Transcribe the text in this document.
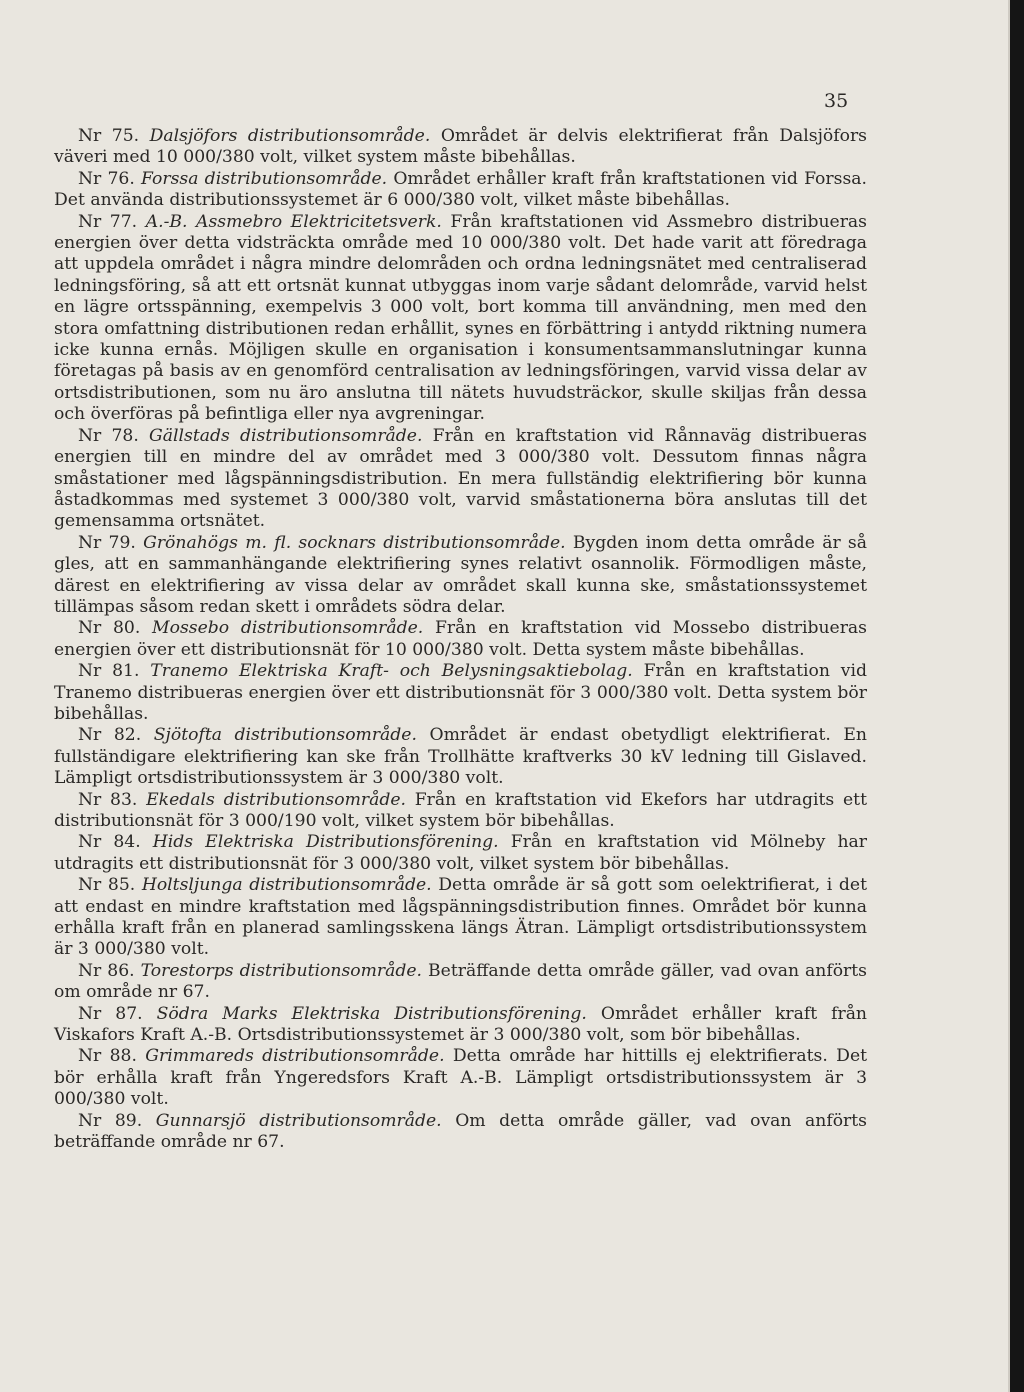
35

Nr 75. Dalsjöfors distributionsområde. Området är delvis elektrifierat från Dalsjöfors väveri med 10 000/380 volt, vilket system måste bibehållas.

Nr 76. Forssa distributionsområde. Området erhåller kraft från kraftstationen vid Forssa. Det använda distributionssystemet är 6 000/380 volt, vilket måste bibehållas.

Nr 77. A.-B. Assmebro Elektricitetsverk. Från kraftstationen vid Assmebro distribueras energien över detta vidsträckta område med 10 000/380 volt. Det hade varit att föredraga att uppdela området i några mindre delområden och ordna ledningsnätet med centraliserad ledningsföring, så att ett ortsnät kunnat utbyggas inom varje sådant delområde, varvid helst en lägre ortsspänning, exempelvis 3 000 volt, bort komma till användning, men med den stora omfattning distributionen redan erhållit, synes en förbättring i antydd riktning numera icke kunna ernås. Möjligen skulle en organisation i konsumentsammanslutningar kunna företagas på basis av en genomförd centralisation av ledningsföringen, varvid vissa delar av ortsdistributionen, som nu äro anslutna till nätets huvudsträckor, skulle skiljas från dessa och överföras på befintliga eller nya avgreningar.

Nr 78. Gällstads distributionsområde. Från en kraftstation vid Rånnaväg distribueras energien till en mindre del av området med 3 000/380 volt. Dessutom finnas några småstationer med lågspänningsdistribution. En mera fullständig elektrifiering bör kunna åstadkommas med systemet 3 000/380 volt, varvid småstationerna böra anslutas till det gemensamma ortsnätet.

Nr 79. Grönahögs m. fl. socknars distributionsområde. Bygden inom detta område är så gles, att en sammanhängande elektrifiering synes relativt osannolik. Förmodligen måste, därest en elektrifiering av vissa delar av området skall kunna ske, småstationssystemet tillämpas såsom redan skett i områdets södra delar.

Nr 80. Mossebo distributionsområde. Från en kraftstation vid Mossebo distribueras energien över ett distributionsnät för 10 000/380 volt. Detta system måste bibehållas.

Nr 81. Tranemo Elektriska Kraft- och Belysningsaktiebolag. Från en kraftstation vid Tranemo distribueras energien över ett distributionsnät för 3 000/380 volt. Detta system bör bibehållas.

Nr 82. Sjötofta distributionsområde. Området är endast obetydligt elektrifierat. En fullständigare elektrifiering kan ske från Trollhätte kraftverks 30 kV ledning till Gislaved. Lämpligt ortsdistributionssystem är 3 000/380 volt.

Nr 83. Ekedals distributionsområde. Från en kraftstation vid Ekefors har utdragits ett distributionsnät för 3 000/190 volt, vilket system bör bibehållas.

Nr 84. Hids Elektriska Distributionsförening. Från en kraftstation vid Mölneby har utdragits ett distributionsnät för 3 000/380 volt, vilket system bör bibehållas.

Nr 85. Holtsljunga distributionsområde. Detta område är så gott som oelektrifierat, i det att endast en mindre kraftstation med lågspänningsdistribution finnes. Området bör kunna erhålla kraft från en planerad samlingsskena längs Ätran. Lämpligt ortsdistributionssystem är 3 000/380 volt.

Nr 86. Torestorps distributionsområde. Beträffande detta område gäller, vad ovan anförts om område nr 67.

Nr 87. Södra Marks Elektriska Distributionsförening. Området erhåller kraft från Viskafors Kraft A.-B. Ortsdistributionssystemet är 3 000/380 volt, som bör bibehållas.

Nr 88. Grimmareds distributionsområde. Detta område har hittills ej elektrifierats. Det bör erhålla kraft från Yngeredsfors Kraft A.-B. Lämpligt ortsdistributionssystem är 3 000/380 volt.

Nr 89. Gunnarsjö distributionsområde. Om detta område gäller, vad ovan anförts beträffande område nr 67.
